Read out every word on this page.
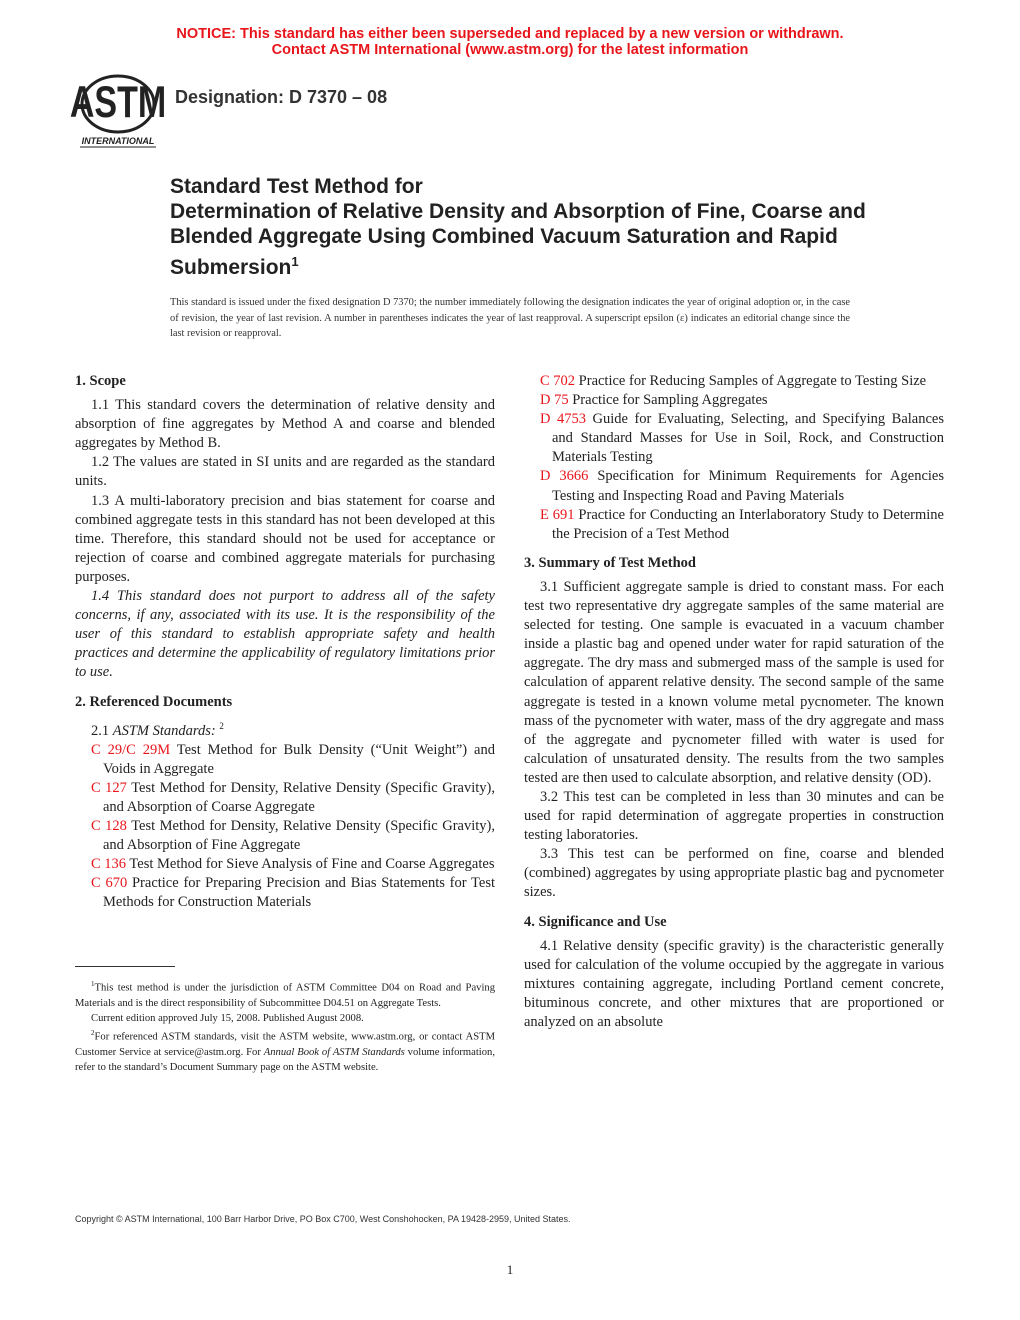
NOTICE: This standard has either been superseded and replaced by a new version or withdrawn.
Contact ASTM International (www.astm.org) for the latest information
ASTM
INTERNATIONAL
Designation: D 7370 – 08
Standard Test Method for
Determination of Relative Density and Absorption of Fine, Coarse and Blended Aggregate Using Combined Vacuum Saturation and Rapid Submersion$^1$
This standard is issued under the fixed designation D 7370; the number immediately following the designation indicates the year of original adoption or, in the case of revision, the year of last revision. A number in parentheses indicates the year of last reapproval. A superscript epsilon (ε) indicates an editorial change since the last revision or reapproval.
1. Scope

1.1 This standard covers the determination of relative density and absorption of fine aggregates by Method A and coarse and blended aggregates by Method B.

1.2 The values are stated in SI units and are regarded as the standard units.

1.3 A multi-laboratory precision and bias statement for coarse and combined aggregate tests in this standard has not been developed at this time. Therefore, this standard should not be used for acceptance or rejection of coarse and combined aggregate materials for purchasing purposes.

1.4 This standard does not purport to address all of the safety concerns, if any, associated with its use. It is the responsibility of the user of this standard to establish appropriate safety and health practices and determine the applicability of regulatory limitations prior to use.

2. Referenced Documents

2.1 ASTM Standards: $^2$

C 29/C 29M Test Method for Bulk Density (“Unit Weight”) and Voids in Aggregate

C 127 Test Method for Density, Relative Density (Specific Gravity), and Absorption of Coarse Aggregate

C 128 Test Method for Density, Relative Density (Specific Gravity), and Absorption of Fine Aggregate

C 136 Test Method for Sieve Analysis of Fine and Coarse Aggregates

C 670 Practice for Preparing Precision and Bias Statements for Test Methods for Construction Materials

C 702 Practice for Reducing Samples of Aggregate to Testing Size

D 75 Practice for Sampling Aggregates

D 4753 Guide for Evaluating, Selecting, and Specifying Balances and Standard Masses for Use in Soil, Rock, and Construction Materials Testing

D 3666 Specification for Minimum Requirements for Agencies Testing and Inspecting Road and Paving Materials

E 691 Practice for Conducting an Interlaboratory Study to Determine the Precision of a Test Method

3. Summary of Test Method

3.1 Sufficient aggregate sample is dried to constant mass. For each test two representative dry aggregate samples of the same material are selected for testing. One sample is evacuated in a vacuum chamber inside a plastic bag and opened under water for rapid saturation of the aggregate. The dry mass and submerged mass of the sample is used for calculation of apparent relative density. The second sample of the same aggregate is tested in a known volume metal pycnometer. The known mass of the pycnometer with water, mass of the dry aggregate and mass of the aggregate and pycnometer filled with water is used for calculation of unsaturated density. The results from the two samples tested are then used to calculate absorption, and relative density (OD).

3.2 This test can be completed in less than 30 minutes and can be used for rapid determination of aggregate properties in construction testing laboratories.

3.3 This test can be performed on fine, coarse and blended (combined) aggregates by using appropriate plastic bag and pycnometer sizes.

4. Significance and Use

4.1 Relative density (specific gravity) is the characteristic generally used for calculation of the volume occupied by the aggregate in various mixtures containing aggregate, including Portland cement concrete, bituminous concrete, and other mixtures that are proportioned or analyzed on an absolute

$^1$This test method is under the jurisdiction of ASTM Committee D04 on Road and Paving Materials and is the direct responsibility of Subcommittee D04.51 on Aggregate Tests.

Current edition approved July 15, 2008. Published August 2008.

$^2$For referenced ASTM standards, visit the ASTM website, www.astm.org, or contact ASTM Customer Service at service@astm.org. For Annual Book of ASTM Standards volume information, refer to the standard’s Document Summary page on the ASTM website.

Copyright © ASTM International, 100 Barr Harbor Drive, PO Box C700, West Conshohocken, PA 19428-2959, United States.
1
